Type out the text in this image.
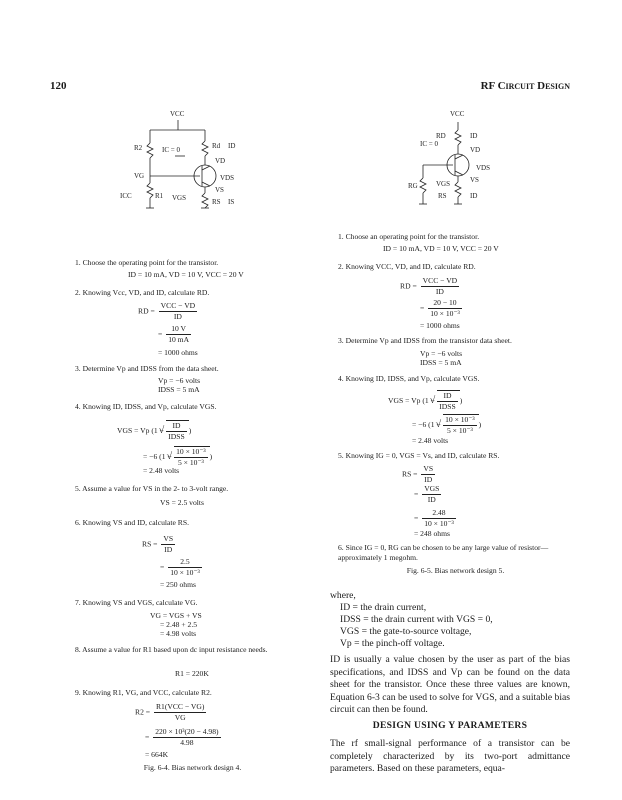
120	RF Circuit Design
VCC
Rd ID
R2	IC = 0
VD
VG	VDS
VS
ICC	R1 VGS	RS IS
VCC
RD	ID
IC = 0
VD
VDS
VS
RG	VGS
RS	ID
1. Choose the operating point for the transistor.
ID = 10 mA, VD = 10 V, VCC = 20 V
2. Knowing Vcc, VD, and ID, calculate RD.
RD = $\frac{\text{VCC − VD}}{ID}$
= $\frac{10 V}{10 mA}$
= 1000 ohms
3. Determine Vp and IDSS from the data sheet.
Vp = −6 volts
IDSS = 5 mA
4. Knowing ID, IDSS, and Vp, calculate VGS.
VGS = Vp (1 − √ $\frac{ID}{\text{IDSS}}$ )
= −6 (1 − √ $\frac{\text{10 × 10⁻³}}{\text{5 × 10⁻³}}$ )
= 2.48 volts
5. Assume a value for VS in the 2- to 3-volt range.
VS = 2.5 volts
6. Knowing VS and ID, calculate RS.
RS = $\frac{VS}{ID}$
= $\frac{2.5}{\text{10 × 10⁻³}}$
= 250 ohms
7. Knowing VS and VGS, calculate VG.
VG = VGS + VS
= 2.48 + 2.5
= 4.98 volts
8. Assume a value for R1 based upon dc input resistance needs.
R1 = 220K
9. Knowing R1, VG, and VCC, calculate R2.
$R2 = \frac{\text{R1(VCC − VG)}}{VG}$
= $\frac{\text{220 × 10³(20 − 4.98)}}{4.98}$
= 664K
Fig. 6-4. Bias network design 4.
1. Choose an operating point for the transistor.
ID = 10 mA, VD = 10 V, VCC = 20 V
2. Knowing VCC, VD, and ID, calculate RD.
RD = $\frac{\text{VCC − VD}}{ID}$
= $\frac{20 - 10}{\text{10 × 10⁻³}}$
= 1000 ohms
3. Determine Vp and IDSS from the transistor data sheet.
Vp = −6 volts
IDSS = 5 mA
4. Knowing ID, IDSS, and Vp, calculate VGS.
VGS = Vp (1 − √ $\frac{ID}{\text{IDSS}}$ )
= −6 (1 − √ $\frac{\text{10 × 10⁻³}}{\text{5 × 10⁻³}}$ )
= 2.48 volts
5. Knowing IG = 0, VGS = Vs, and ID, calculate RS.
RS = $\frac{VS}{ID}$
= $\frac{\text{VGS}}{ID}$
= $\frac{2.48}{\text{10 × 10⁻³}}$
= 248 ohms
6. Since IG = 0, RG can be chosen to be any large value of resistor—approximately 1 megohm.
Fig. 6-5. Bias network design 5.
where,
ID = the drain current,
IDSS = the drain current with VGS = 0,
VGS = the gate-to-source voltage,
Vp = the pinch-off voltage.
ID is usually a value chosen by the user as part of the bias specifications, and IDSS and Vp can be found on the data sheet for the transistor. Once these three values are known, Equation 6-3 can be used to solve for VGS, and a suitable bias circuit can then be found.
DESIGN USING Y PARAMETERS
The rf small-signal performance of a transistor can be completely characterized by its two-port admittance parameters. Based on these parameters, equa-
